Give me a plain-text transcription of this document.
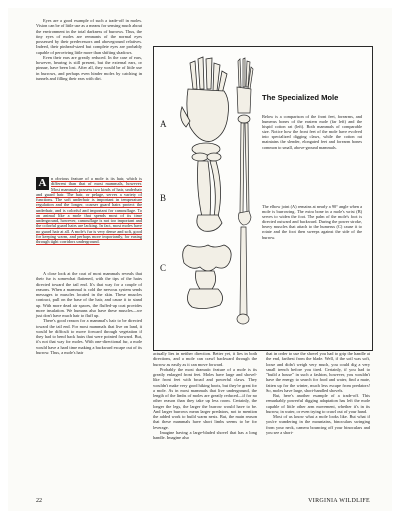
Eyes are a good example of such a trade-off in moles. Vision can be of little use as a means for sensing much about the environment in the total darkness of burrows. Thus, the tiny eyes of moles are remnants of the normal eyes possessed by their predecessors and aboveground relatives. Indeed, their pinhead-sized but complete eyes are probably capable of perceiving little more than shifting shadows.

Even their ears are greatly reduced. In the case of ears, however, hearing is still present, but the external ears, or pinnae, have been lost. After all, they would be of little use in burrows, and perhaps even hinder moles by catching in tunnels and filling their ears with dirt.

A	n obvious feature of a mole is its hair, which is different than that of most mammals, however. Most mammals possess two kinds of hair, underhair and guard hair. The hair, or pelage, serves a variety of functions. The soft underhair is important in temperature regulation and the longer, coarser guard hairs protect the underhair, and is colorful and important for camouflage. To an animal like a mole that spends most of its time underground, however, camouflage is not too important and the colorful guard hairs are lacking. In fact, most moles have no guard hair at all. A mole's fur is very dense and soft, good for keeping warm, and perhaps more importantly, for easing through tight corridors underground.

A close look at the coat of most mammals reveals that their fur is somewhat flattened, with the tips of the hairs directed toward the tail end. It's that way for a couple of reasons. When a mammal is cold the nervous system sends messages to muscles located in the skin. These muscles contract, pull on the base of the hair, and cause it to stand up. With more dead air spaces, the fluffed-up coat provides more insulation. We humans also have these muscles—we just don't have much hair to fluff up.

There's good reason for a mammal's hair to be directed toward the tail end. For most mammals that live on land, it would be difficult to move forward through vegetation if they had to bend back hairs that were pointed forward. But, it's not that way for moles. With one-directional fur, a mole would have a hard time making a backward escape out of its burrow. Thus, a mole's hair

A
B
C
The Specialized Mole

Below is a comparison of the front feet, forearms, and humerus bones of the eastern mole (far left) and the hispid cotton rat (left). Both mammals of comparable size. Notice how the front feet of the mole have evolved into specialized digging claws, while the cotton rat maintains the slender, elongated feet and forearm bones common to small, above-ground mammals.

The elbow joint (A) remains at nearly a 90° angle when a mole is burrowing. The extra bone in a mole's wrist (B) serves to widen the foot. The palm of the mole's foot is directed outward and backward. During the power stroke, heavy muscles that attach to the humerus (C) cause it to rotate and the foot then sweeps against the side of the burrow.

actually lies in neither direction. Better yet, it lies in both directions, and a mole can crawl backward through the burrow as easily as it can move forward.

Probably the most dramatic feature of a mole is its greatly enlarged front feet. Moles have large and shovel-like front feet with broad and powerful claws. They wouldn't make very good hiking boots, but they're great for a mole. As in most mammals that live underground, the length of the limbs of moles are greatly reduced—if for no other reason than they take up less room. Certainly, the longer the legs, the larger the burrow would have to be. And larger burrows mean larger predators, not to mention the added work to build warm nests. But, the main reason that these mammals have short limbs seems to be for leverage.

Imagine having a large-bladed shovel that has a long handle. Imagine also

that in order to use the shovel you had to grip the handle at the end, farthest from the blade. Well, if the soil was soft, loose and didn't weigh very much, you could dig a very small trench before you tired. Certainly, if you had to "build a house" in such a fashion, however, you wouldn't have the energy to search for food and water, find a mate, fatten up for the winter, much less escape from predators! So, moles have large, short-handled shovels.

But, here's another example of a trade-off. This remarkably powerful digging adaptation has left the mole capable of little other arm movement, whether it's in its burrow, in water, or even trying to crawl out of your hand.

Most of us know what a mole looks like. But what if you're wandering in the mountains, binoculars swinging from your neck, camera bouncing off your binoculars and you see a short-

22	VIRGINIA WILDLIFE
